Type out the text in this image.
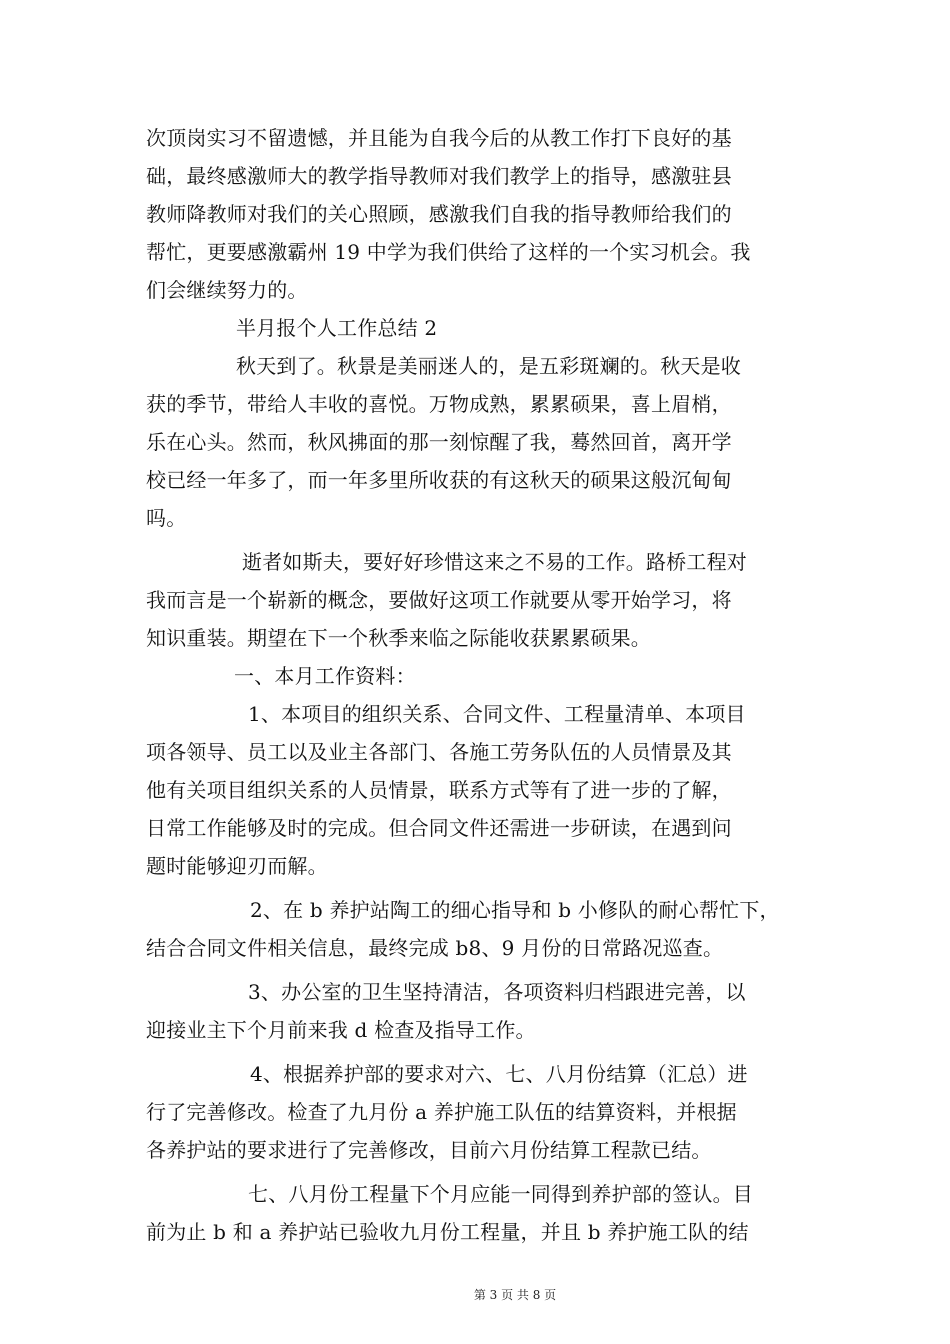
次顶岗实习不留遗憾，并且能为自我今后的从教工作打下良好的基
础，最终感激师大的教学指导教师对我们教学上的指导，感激驻县
教师降教师对我们的关心照顾，感激我们自我的指导教师给我们的
帮忙，更要感激霸州 19 中学为我们供给了这样的一个实习机会。我
们会继续努力的。
半月报个人工作总结 2
秋天到了。秋景是美丽迷人的，是五彩斑斓的。秋天是收
获的季节，带给人丰收的喜悦。万物成熟，累累硕果，喜上眉梢，
乐在心头。然而，秋风拂面的那一刻惊醒了我，蓦然回首，离开学
校已经一年多了，而一年多里所收获的有这秋天的硕果这般沉甸甸
吗。
逝者如斯夫，要好好珍惜这来之不易的工作。路桥工程对
我而言是一个崭新的概念，要做好这项工作就要从零开始学习，将
知识重装。期望在下一个秋季来临之际能收获累累硕果。
一、本月工作资料：
1、本项目的组织关系、合同文件、工程量清单、本项目
项各领导、员工以及业主各部门、各施工劳务队伍的人员情景及其
他有关项目组织关系的人员情景，联系方式等有了进一步的了解，
日常工作能够及时的完成。但合同文件还需进一步研读，在遇到问
题时能够迎刃而解。
2、在 b 养护站陶工的细心指导和 b 小修队的耐心帮忙下，
结合合同文件相关信息，最终完成 b8、9 月份的日常路况巡查。
3、办公室的卫生坚持清洁，各项资料归档跟进完善，以
迎接业主下个月前来我 d 检查及指导工作。
4、根据养护部的要求对六、七、八月份结算（汇总）进
行了完善修改。检查了九月份 a 养护施工队伍的结算资料，并根据
各养护站的要求进行了完善修改，目前六月份结算工程款已结。
七、八月份工程量下个月应能一同得到养护部的签认。目
前为止 b 和 a 养护站已验收九月份工程量，并且 b 养护施工队的结
第 3 页 共 8 页
